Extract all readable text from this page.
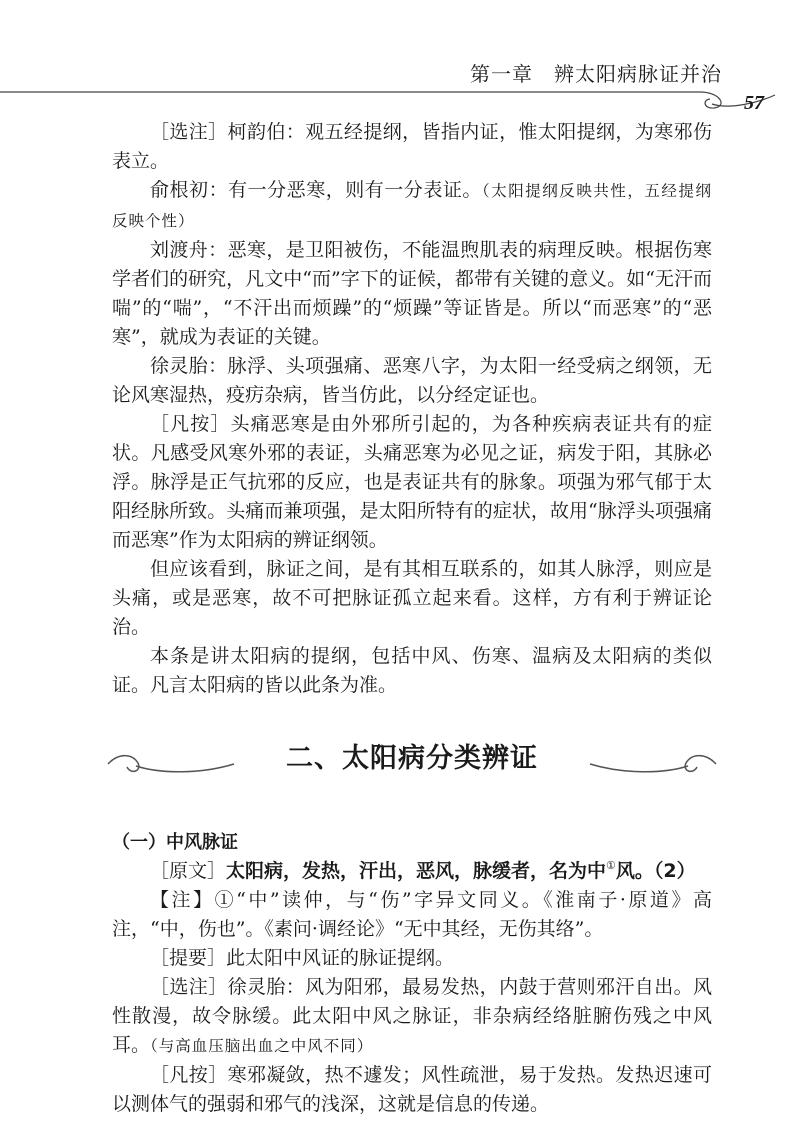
第一章　辨太阳病脉证并治
57

［选注］柯韵伯：观五经提纲，皆指内证，惟太阳提纲，为寒邪伤表立。

俞根初：有一分恶寒，则有一分表证。（太阳提纲反映共性，五经提纲反映个性）

刘渡舟：恶寒，是卫阳被伤，不能温煦肌表的病理反映。根据伤寒学者们的研究，凡文中“而”字下的证候，都带有关键的意义。如“无汗而喘”的“喘”，“不汗出而烦躁”的“烦躁”等证皆是。所以“而恶寒”的“恶寒”，就成为表证的关键。

徐灵胎：脉浮、头项强痛、恶寒八字，为太阳一经受病之纲领，无论风寒湿热，疫疠杂病，皆当仿此，以分经定证也。

［凡按］头痛恶寒是由外邪所引起的，为各种疾病表证共有的症状。凡感受风寒外邪的表证，头痛恶寒为必见之证，病发于阳，其脉必浮。脉浮是正气抗邪的反应，也是表证共有的脉象。项强为邪气郁于太阳经脉所致。头痛而兼项强，是太阳所特有的症状，故用“脉浮头项强痛而恶寒”作为太阳病的辨证纲领。

但应该看到，脉证之间，是有其相互联系的，如其人脉浮，则应是头痛，或是恶寒，故不可把脉证孤立起来看。这样，方有利于辨证论治。

本条是讲太阳病的提纲，包括中风、伤寒、温病及太阳病的类似证。凡言太阳病的皆以此条为准。

二、太阳病分类辨证

（一）中风脉证

［原文］太阳病，发热，汗出，恶风，脉缓者，名为中①风。（2）

【注】①“中”读仲，与“伤”字异文同义。《淮南子·原道》高注，“中，伤也”。《素问·调经论》“无中其经，无伤其络”。

［提要］此太阳中风证的脉证提纲。

［选注］徐灵胎：风为阳邪，最易发热，内鼓于营则邪汗自出。风性散漫，故令脉缓。此太阳中风之脉证，非杂病经络脏腑伤残之中风耳。（与高血压脑出血之中风不同）

［凡按］寒邪凝敛，热不遽发；风性疏泄，易于发热。发热迟速可以测体气的强弱和邪气的浅深，这就是信息的传递。
